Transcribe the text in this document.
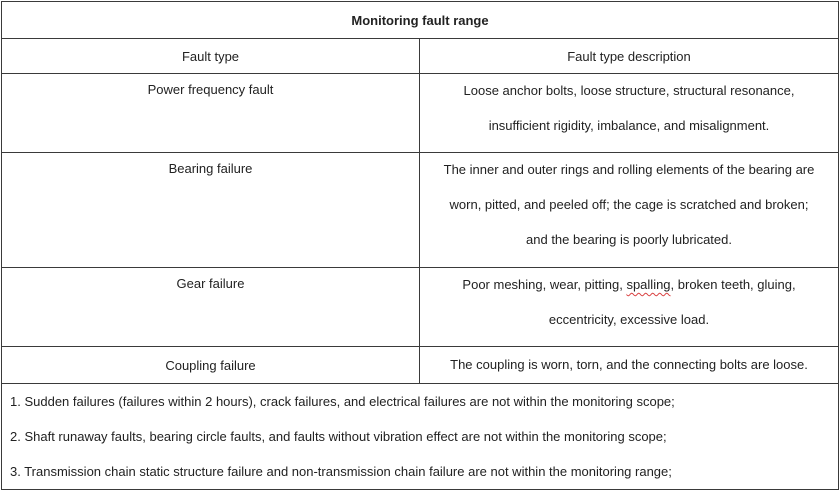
Monitoring fault range	
Fault type	Fault type description
Power frequency fault	Loose anchor bolts, loose structure, structural resonance,
insufficient rigidity, imbalance, and misalignment.

Bearing failure	The inner and outer rings and rolling elements of the bearing are
worn, pitted, and peeled off; the cage is scratched and broken;
and the bearing is poorly lubricated.

Gear failure	Poor meshing, wear, pitting, spalling, broken teeth, gluing,
eccentricity, excessive load.

Coupling failure	The coupling is worn, torn, and the connecting bolts are loose.

1. Sudden failures (failures within 2 hours), crack failures, and electrical failures are not within the monitoring scope;
2. Shaft runaway faults, bearing circle faults, and faults without vibration effect are not within the monitoring scope;
3. Transmission chain static structure failure and non-transmission chain failure are not within the monitoring range;	
